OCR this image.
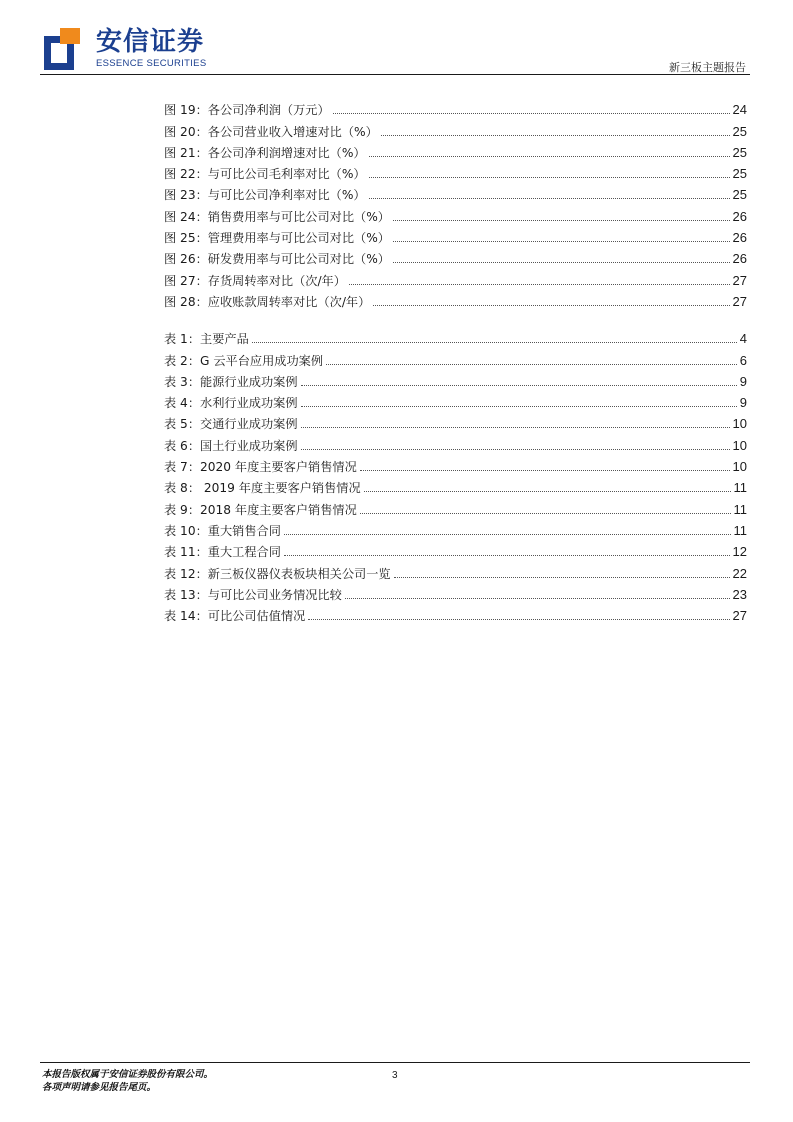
安信证券
ESSENCE SECURITIES	新三板主题报告
图 19：各公司净利润（万元）	24
图 20：各公司营业收入增速对比（%）	25
图 21：各公司净利润增速对比（%）	25
图 22：与可比公司毛利率对比（%）	25
图 23：与可比公司净利率对比（%）	25
图 24：销售费用率与可比公司对比（%）	26
图 25：管理费用率与可比公司对比（%）	26
图 26：研发费用率与可比公司对比（%）	26
图 27：存货周转率对比（次/年）	27
图 28：应收账款周转率对比（次/年）	27
表 1：主要产品	4
表 2：G 云平台应用成功案例	6
表 3：能源行业成功案例	9
表 4：水利行业成功案例	9
表 5：交通行业成功案例	10
表 6：国土行业成功案例	10
表 7：2020 年度主要客户销售情况	10
表 8： 2019 年度主要客户销售情况	11
表 9：2018 年度主要客户销售情况	11
表 10：重大销售合同	11
表 11：重大工程合同	12
表 12：新三板仪器仪表板块相关公司一览	22
表 13：与可比公司业务情况比较	23
表 14：可比公司估值情况	27
本报告版权属于安信证券股份有限公司。
各项声明请参见报告尾页。
3
